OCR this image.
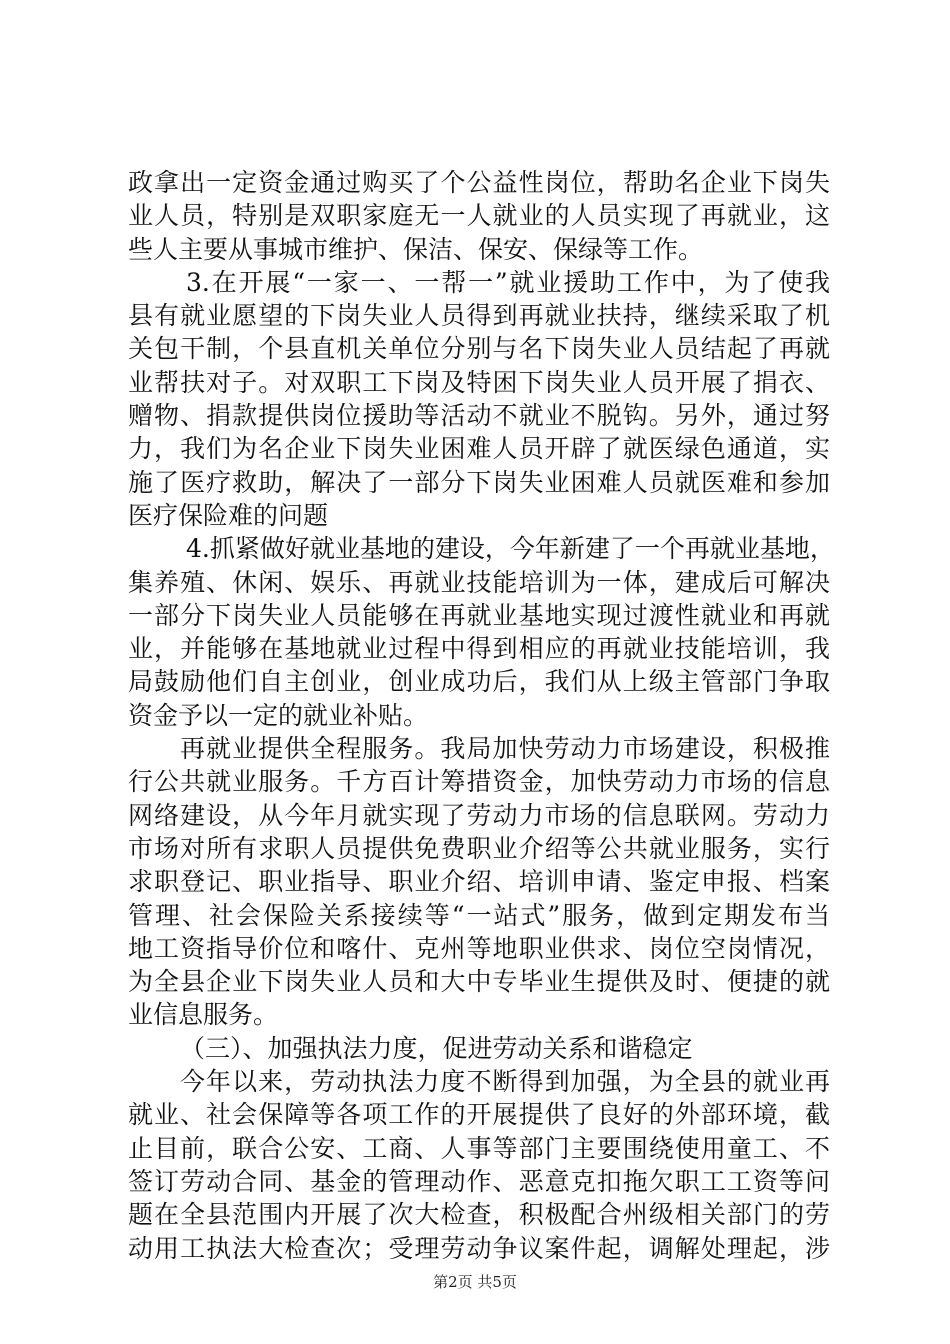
政拿出一定资金通过购买了个公益性岗位，帮助名企业下岗失
业人员，特别是双职家庭无一人就业的人员实现了再就业，这
些人主要从事城市维护、保洁、保安、保绿等工作。
3.在开展“一家一、一帮一”就业援助工作中，为了使我
县有就业愿望的下岗失业人员得到再就业扶持，继续采取了机
关包干制，个县直机关单位分别与名下岗失业人员结起了再就
业帮扶对子。对双职工下岗及特困下岗失业人员开展了捐衣、
赠物、捐款提供岗位援助等活动不就业不脱钩。另外，通过努
力，我们为名企业下岗失业困难人员开辟了就医绿色通道，实
施了医疗救助，解决了一部分下岗失业困难人员就医难和参加
医疗保险难的问题
4.抓紧做好就业基地的建设，今年新建了一个再就业基地，
集养殖、休闲、娱乐、再就业技能培训为一体，建成后可解决
一部分下岗失业人员能够在再就业基地实现过渡性就业和再就
业，并能够在基地就业过程中得到相应的再就业技能培训，我
局鼓励他们自主创业，创业成功后，我们从上级主管部门争取
资金予以一定的就业补贴。
再就业提供全程服务。我局加快劳动力市场建设，积极推
行公共就业服务。千方百计筹措资金，加快劳动力市场的信息
网络建设，从今年月就实现了劳动力市场的信息联网。劳动力
市场对所有求职人员提供免费职业介绍等公共就业服务，实行
求职登记、职业指导、职业介绍、培训申请、鉴定申报、档案
管理、社会保险关系接续等“一站式”服务，做到定期发布当
地工资指导价位和喀什、克州等地职业供求、岗位空岗情况，
为全县企业下岗失业人员和大中专毕业生提供及时、便捷的就
业信息服务。
（三）、加强执法力度，促进劳动关系和谐稳定
今年以来，劳动执法力度不断得到加强，为全县的就业再
就业、社会保障等各项工作的开展提供了良好的外部环境，截
止目前，联合公安、工商、人事等部门主要围绕使用童工、不
签订劳动合同、基金的管理动作、恶意克扣拖欠职工工资等问
题在全县范围内开展了次大检查，积极配合州级相关部门的劳
动用工执法大检查次；受理劳动争议案件起，调解处理起，涉
第2页 共5页
